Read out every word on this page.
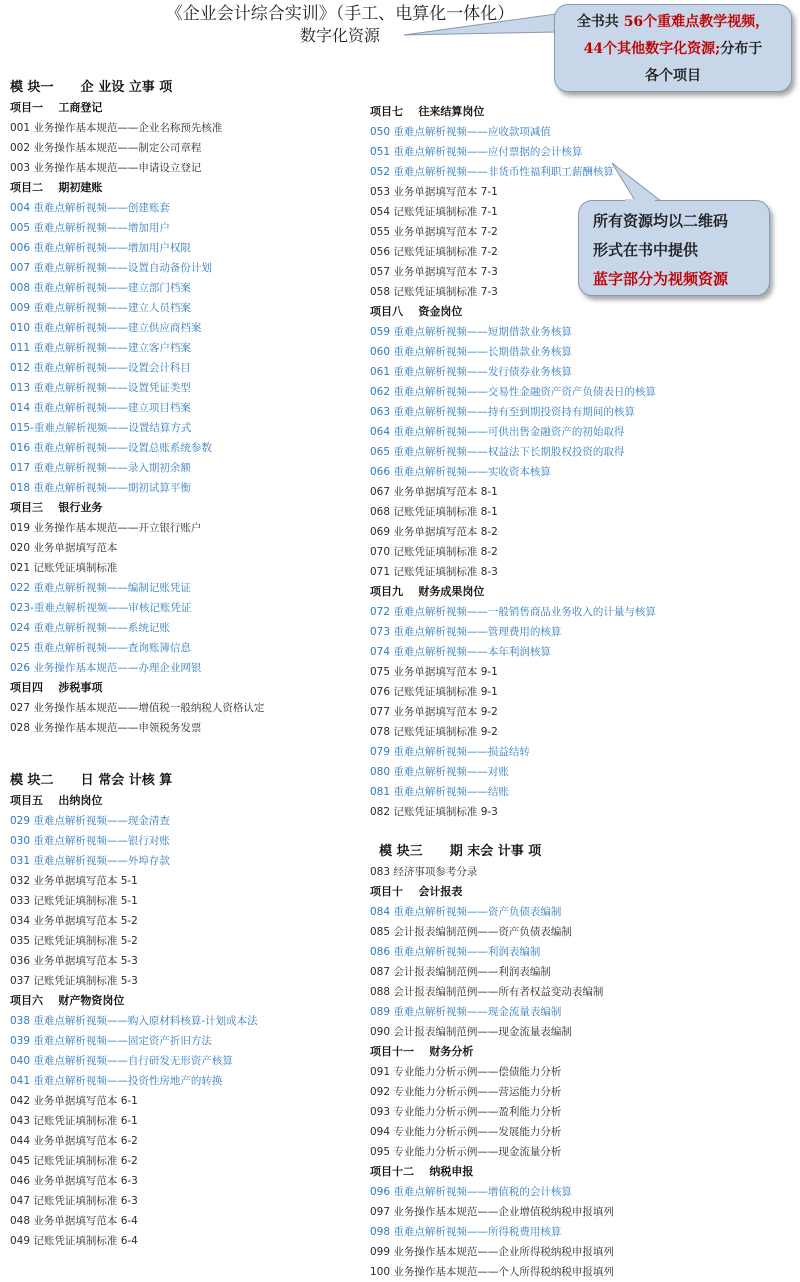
《企业会计综合实训》（手工、电算化一体化）
数字化资源
全书共 56个重难点教学视频，
44个其他数字化资源;分布于
各个项目
所有资源均以二维码
形式在书中提供
蓝字部分为视频资源
模 块一      企 业设 立事 项
项目一    工商登记
001 业务操作基本规范——企业名称预先核准
002 业务操作基本规范——制定公司章程
003 业务操作基本规范——申请设立登记
项目二    期初建账
004 重难点解析视频——创建账套
005 重难点解析视频——增加用户
006 重难点解析视频——增加用户权限
007 重难点解析视频——设置自动备份计划
008 重难点解析视频——建立部门档案
009 重难点解析视频——建立人员档案
010 重难点解析视频——建立供应商档案
011 重难点解析视频——建立客户档案
012 重难点解析视频——设置会计科目
013 重难点解析视频——设置凭证类型
014 重难点解析视频——建立项目档案
015-重难点解析视频——设置结算方式
016 重难点解析视频——设置总账系统参数
017 重难点解析视频——录入期初余额
018 重难点解析视频——期初试算平衡
项目三    银行业务
019 业务操作基本规范——开立银行账户
020 业务单据填写范本
021 记账凭证填制标准
022 重难点解析视频——编制记账凭证
023-重难点解析视频——审核记账凭证
024 重难点解析视频——系统记账
025 重难点解析视频——查询账簿信息
026 业务操作基本规范——办理企业网银
项目四    涉税事项
027 业务操作基本规范——增值税一般纳税人资格认定
028 业务操作基本规范——申领税务发票
模 块二      日 常会 计核 算
项目五    出纳岗位
029 重难点解析视频——现金清查
030 重难点解析视频——银行对账
031 重难点解析视频——外埠存款
032 业务单据填写范本 5-1
033 记账凭证填制标准 5-1
034 业务单据填写范本 5-2
035 记账凭证填制标准 5-2
036 业务单据填写范本 5-3
037 记账凭证填制标准 5-3
项目六    财产物资岗位
038 重难点解析视频——购入原材料核算-计划成本法
039 重难点解析视频——固定资产折旧方法
040 重难点解析视频——自行研发无形资产核算
041 重难点解析视频——投资性房地产的转换
042 业务单据填写范本 6-1
043 记账凭证填制标准 6-1
044 业务单据填写范本 6-2
045 记账凭证填制标准 6-2
046 业务单据填写范本 6-3
047 记账凭证填制标准 6-3
048 业务单据填写范本 6-4
049 记账凭证填制标准 6-4
项目七    往来结算岗位
050 重难点解析视频——应收款项减值
051 重难点解析视频——应付票据的会计核算
052 重难点解析视频——非货币性福利职工薪酬核算
053 业务单据填写范本 7-1
054 记账凭证填制标准 7-1
055 业务单据填写范本 7-2
056 记账凭证填制标准 7-2
057 业务单据填写范本 7-3
058 记账凭证填制标准 7-3
项目八    资金岗位
059 重难点解析视频——短期借款业务核算
060 重难点解析视频——长期借款业务核算
061 重难点解析视频——发行债券业务核算
062 重难点解析视频——交易性金融资产资产负债表日的核算
063 重难点解析视频——持有至到期投资持有期间的核算
064 重难点解析视频——可供出售金融资产的初始取得
065 重难点解析视频——权益法下长期股权投资的取得
066 重难点解析视频——实收资本核算
067 业务单据填写范本 8-1
068 记账凭证填制标准 8-1
069 业务单据填写范本 8-2
070 记账凭证填制标准 8-2
071 记账凭证填制标准 8-3
项目九    财务成果岗位
072 重难点解析视频——一般销售商品业务收入的计量与核算
073 重难点解析视频——管理费用的核算
074 重难点解析视频——本年利润核算
075 业务单据填写范本 9-1
076 记账凭证填制标准 9-1
077 业务单据填写范本 9-2
078 记账凭证填制标准 9-2
079 重难点解析视频——损益结转
080 重难点解析视频——对账
081 重难点解析视频——结账
082 记账凭证填制标准 9-3
模 块三      期 末会 计事 项
083 经济事项参考分录
项目十    会计报表
084 重难点解析视频——资产负债表编制
085 会计报表编制范例——资产负债表编制
086 重难点解析视频——利润表编制
087 会计报表编制范例——利润表编制
088 会计报表编制范例——所有者权益变动表编制
089 重难点解析视频——现金流量表编制
090 会计报表编制范例——现金流量表编制
项目十一    财务分析
091 专业能力分析示例——偿债能力分析
092 专业能力分析示例——营运能力分析
093 专业能力分析示例——盈利能力分析
094 专业能力分析示例——发展能力分析
095 专业能力分析示例——现金流量分析
项目十二    纳税申报
096 重难点解析视频——增值税的会计核算
097 业务操作基本规范——企业增值税纳税申报填列
098 重难点解析视频——所得税费用核算
099 业务操作基本规范——企业所得税纳税申报填列
100 业务操作基本规范——个人所得税纳税申报填列
